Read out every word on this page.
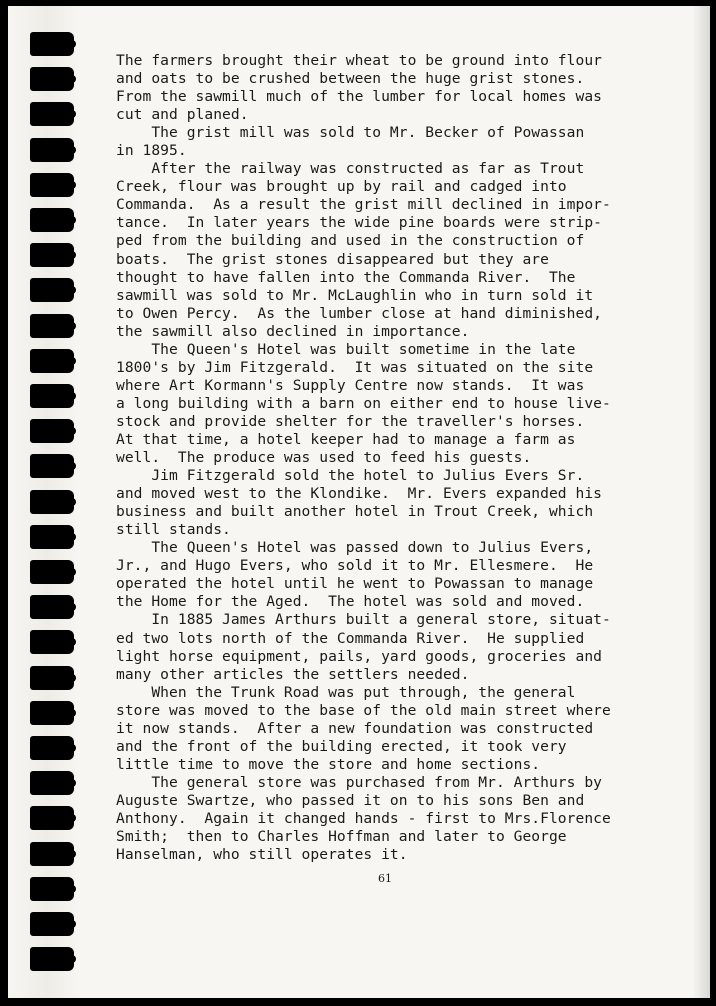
The farmers brought their wheat to be ground into flour
and oats to be crushed between the huge grist stones.
From the sawmill much of the lumber for local homes was
cut and planed.
The grist mill was sold to Mr. Becker of Powassan
in 1895.
After the railway was constructed as far as Trout
Creek, flour was brought up by rail and cadged into
Commanda.  As a result the grist mill declined in impor-
tance.  In later years the wide pine boards were strip-
ped from the building and used in the construction of
boats.  The grist stones disappeared but they are
thought to have fallen into the Commanda River.  The
sawmill was sold to Mr. McLaughlin who in turn sold it
to Owen Percy.  As the lumber close at hand diminished,
the sawmill also declined in importance.
The Queen's Hotel was built sometime in the late
1800's by Jim Fitzgerald.  It was situated on the site
where Art Kormann's Supply Centre now stands.  It was
a long building with a barn on either end to house live-
stock and provide shelter for the traveller's horses.
At that time, a hotel keeper had to manage a farm as
well.  The produce was used to feed his guests.
Jim Fitzgerald sold the hotel to Julius Evers Sr.
and moved west to the Klondike.  Mr. Evers expanded his
business and built another hotel in Trout Creek, which
still stands.
The Queen's Hotel was passed down to Julius Evers,
Jr., and Hugo Evers, who sold it to Mr. Ellesmere.  He
operated the hotel until he went to Powassan to manage
the Home for the Aged.  The hotel was sold and moved.
In 1885 James Arthurs built a general store, situat-
ed two lots north of the Commanda River.  He supplied
light horse equipment, pails, yard goods, groceries and
many other articles the settlers needed.
When the Trunk Road was put through, the general
store was moved to the base of the old main street where
it now stands.  After a new foundation was constructed
and the front of the building erected, it took very
little time to move the store and home sections.
The general store was purchased from Mr. Arthurs by
Auguste Swartze, who passed it on to his sons Ben and
Anthony.  Again it changed hands - first to Mrs.Florence
Smith;  then to Charles Hoffman and later to George
Hanselman, who still operates it.
61
